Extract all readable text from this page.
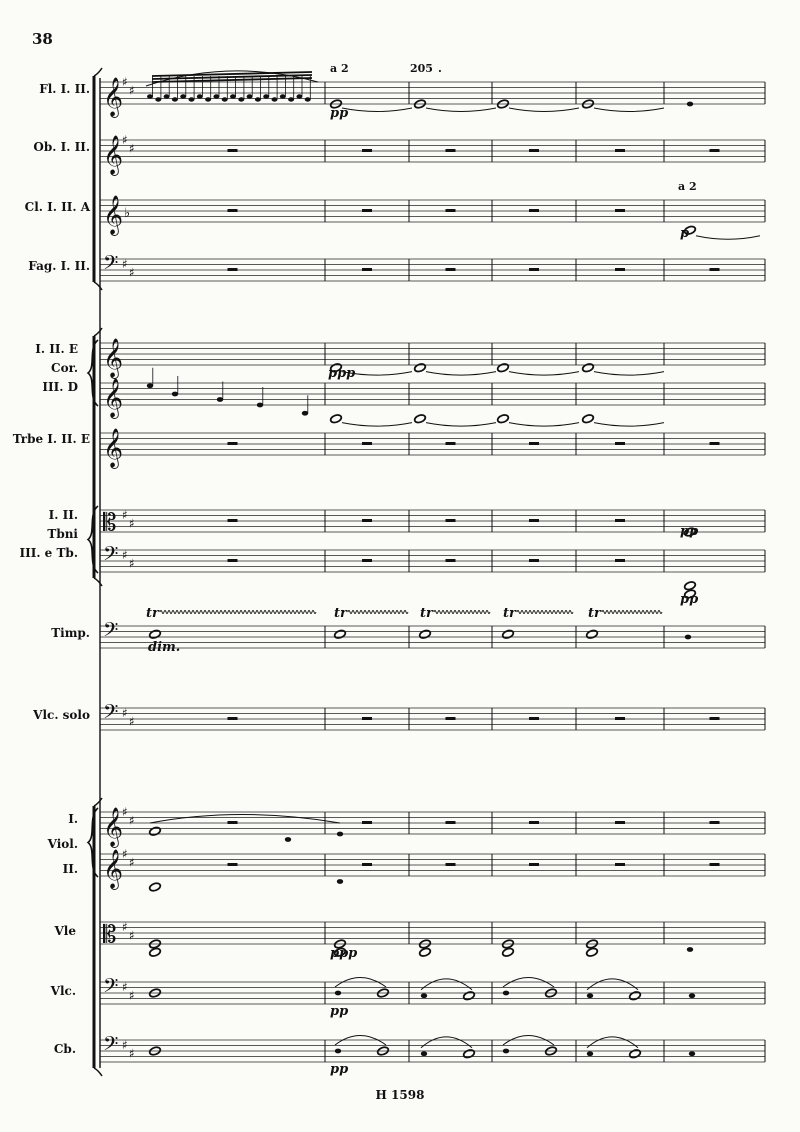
38
𝄞
♯
♯
𝄞
♯
♯
𝄞 ♭
𝄢 ♯
♯
𝄞
𝄞
𝄞
𝄡 ♯
♯
𝄢 ♯
♯
𝄢
𝄢 ♯
♯
𝄞
♯
♯
𝄞
♯
♯
𝄡 ♯
♯
𝄢 ♯
♯
𝄢 ♯
♯
Fl. I. II.
Ob. I. II.
Cl. I. II. A
Fag. I. II.
I. II. E
Cor.
III. D
Trbe I. II. E
I. II.
Tbni
III. e Tb.
Timp.
Vlc. solo
I.
Viol.
II.
Vle
Vlc.
Cb.
a 2	205 .
a 2
pp
p
ppp
pp
pp
dim.
ppp
pp
pp
tr	tr	tr	tr	tr
H 1598
